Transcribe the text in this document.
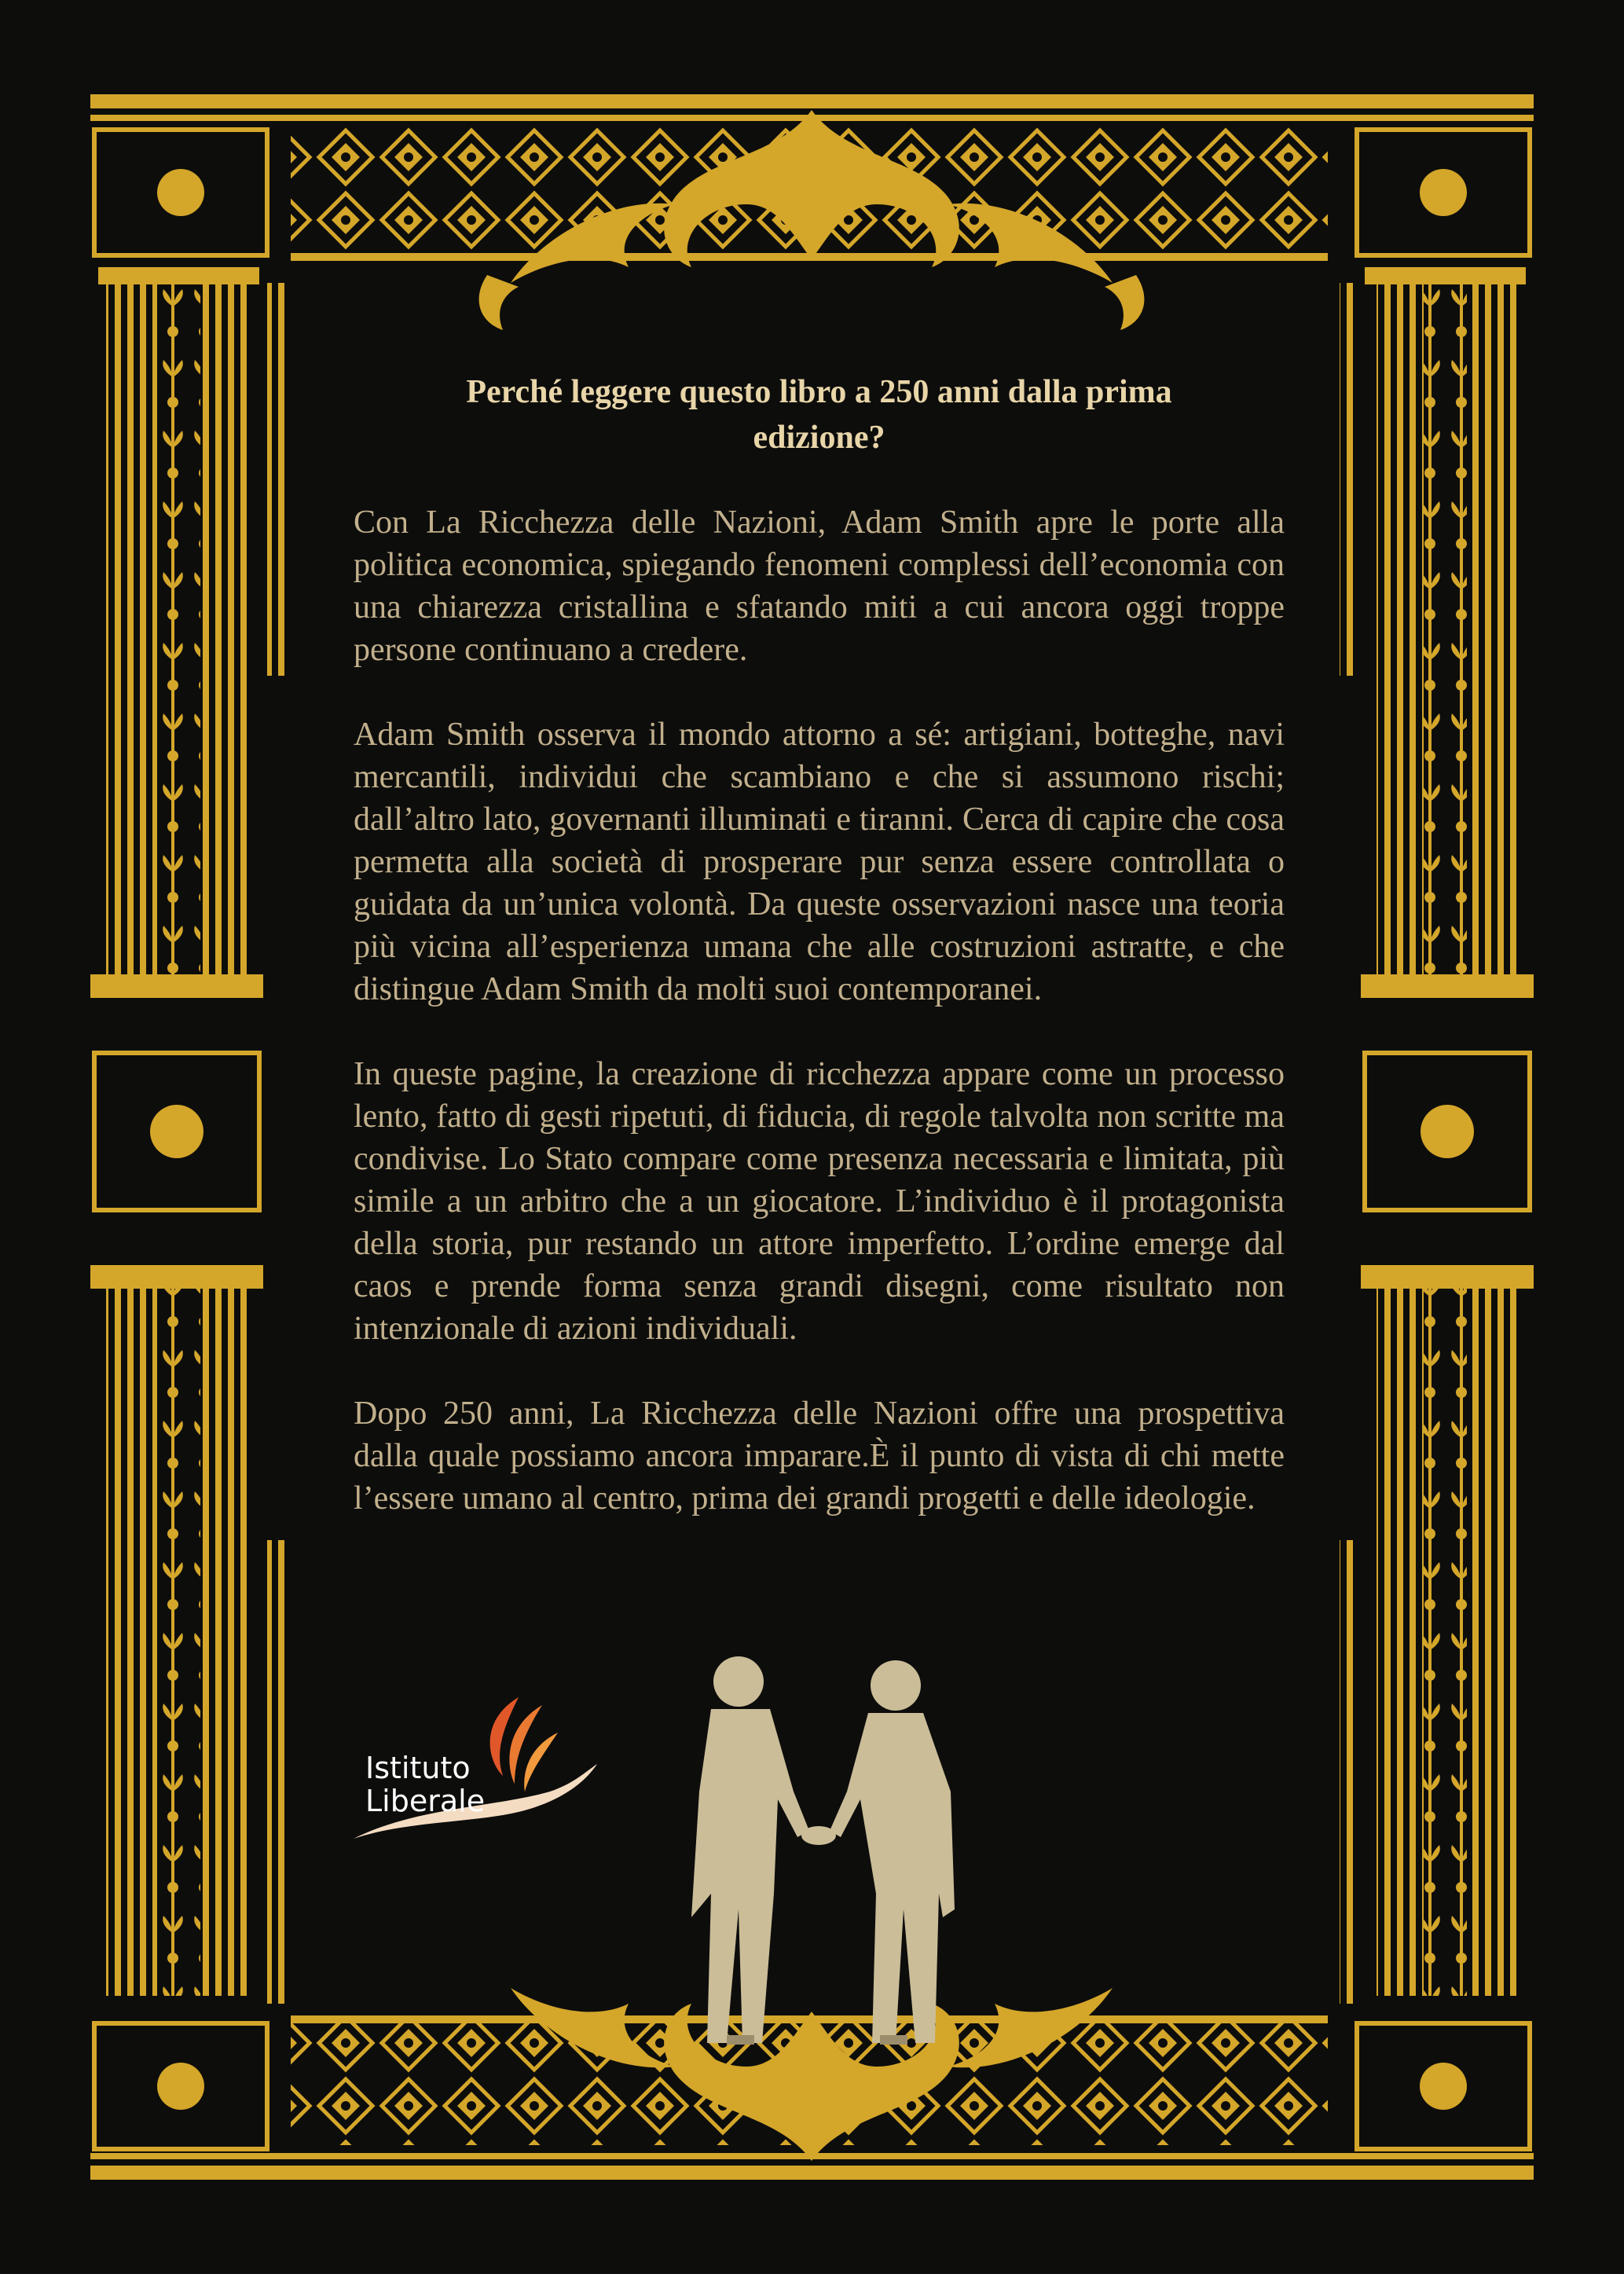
Perché leggere questo libro a 250 anni dalla prima edizione?

Con La Ricchezza delle Nazioni, Adam Smith apre le porte alla politica economica, spiegando fenomeni complessi dell’economia con una chiarezza cristallina e sfatando miti a cui ancora oggi troppe persone continuano a credere.

Adam Smith osserva il mondo attorno a sé: artigiani, botteghe, navi mercantili, individui che scambiano e che si assumono rischi; dall’altro lato, governanti illuminati e tiranni. Cerca di capire che cosa permetta alla società di prosperare pur senza essere controllata o guidata da un’unica volontà. Da queste osservazioni nasce una teoria più vicina all’esperienza umana che alle costruzioni astratte, e che distingue Adam Smith da molti suoi contemporanei.

In queste pagine, la creazione di ricchezza appare come un processo lento, fatto di gesti ripetuti, di fiducia, di regole talvolta non scritte ma condivise. Lo Stato compare come presenza necessaria e limitata, più simile a un arbitro che a un giocatore. L’individuo è il protagonista della storia, pur restando un attore imperfetto. L’ordine emerge dal caos e prende forma senza grandi disegni, come risultato non intenzionale di azioni individuali.

Dopo 250 anni, La Ricchezza delle Nazioni offre una prospettiva dalla quale possiamo ancora imparare.È il punto di vista di chi mette l’essere umano al centro, prima dei grandi progetti e delle ideologie.

Istituto
Liberale
